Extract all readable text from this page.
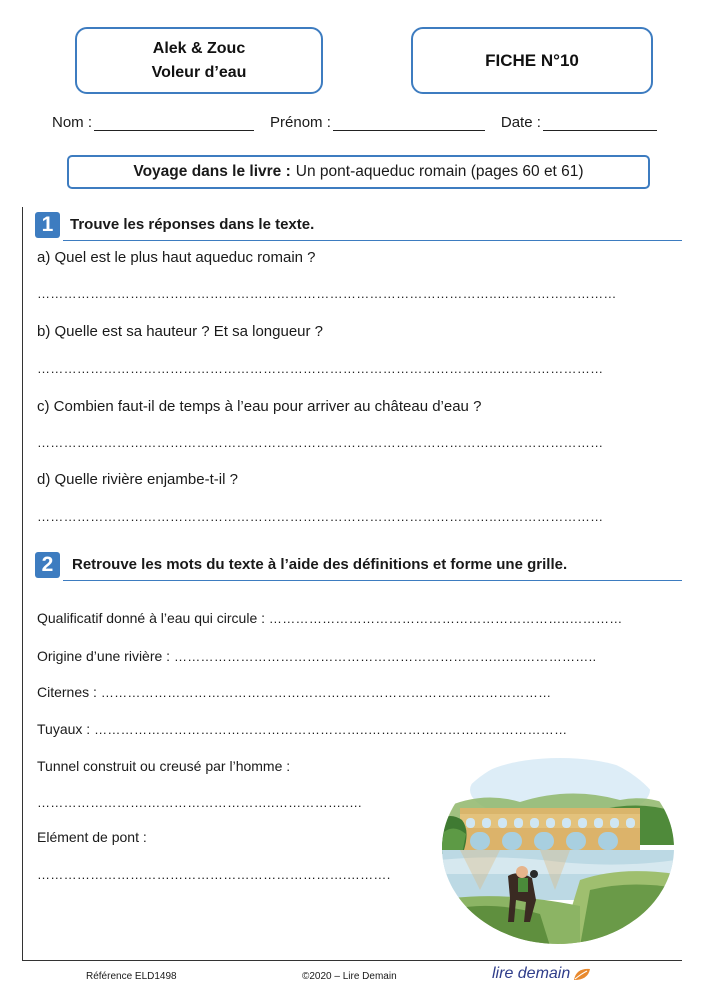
Alek & Zouc
Voleur d’eau
FICHE N°10
Nom :	Prénom :	Date :
Voyage dans le livre : Un pont-aqueduc romain (pages 60 et 61)
1	Trouve les réponses dans le texte.
a) Quel est le plus haut aqueduc romain ?
…………………………………………………………………………………………..………………………
b) Quelle est sa hauteur ? Et sa longueur ?
…………………………………………………………………………………………..……………………
c) Combien faut-il de temps à l’eau pour arriver au château d’eau ?
…………………………………………………………………………………………..……………………
d) Quelle rivière enjambe-t-il ?
…………………………………………………………………………………………..……………………
2	Retrouve les mots du texte à l’aide des définitions et forme une grille.
Qualificatif donné à l’eau qui circule : …………………………………………………………..…………
Origine d’une rivière : ………………………………………………………………..…..……………..
Citernes : ………………………………………………….………………………..……………
Tuyaux : ……………………………………………………..………………………………………
Tunnel construit ou creusé par l’homme :
…………………….………………………..……………..…
Elément de pont :
…………………………………………………………….……….
Référence ELD1498	©2020 – Lire Demain	lire demain
